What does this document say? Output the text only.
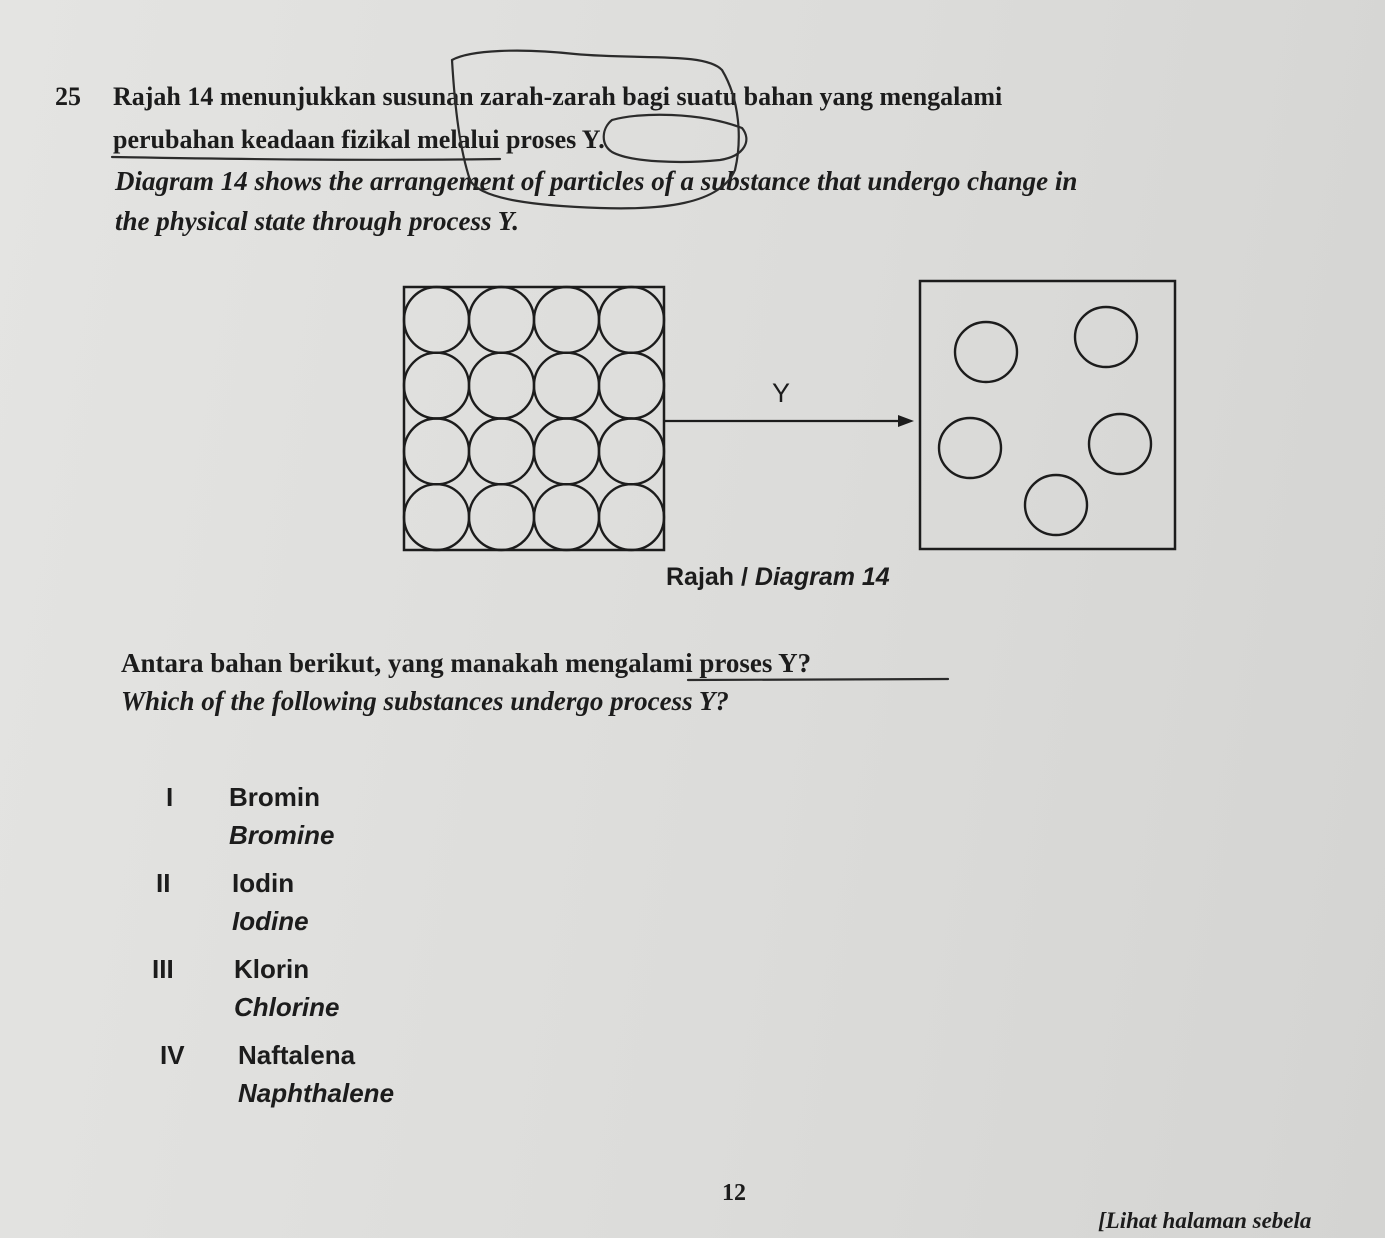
25 Rajah 14 menunjukkan susunan zarah-zarah bagi suatu bahan yang mengalami
perubahan keadaan fizikal melalui proses Y.
Diagram 14 shows the arrangement of particles of a substance that undergo change in
the physical state through process Y.
Y
Rajah / Diagram 14
Antara bahan berikut, yang manakah mengalami proses Y?
Which of the following substances undergo process Y?
I Bromin
Bromine
II Iodin
Iodine
III Klorin
Chlorine
IV Naftalena
Naphthalene
12
[Lihat halaman sebela
